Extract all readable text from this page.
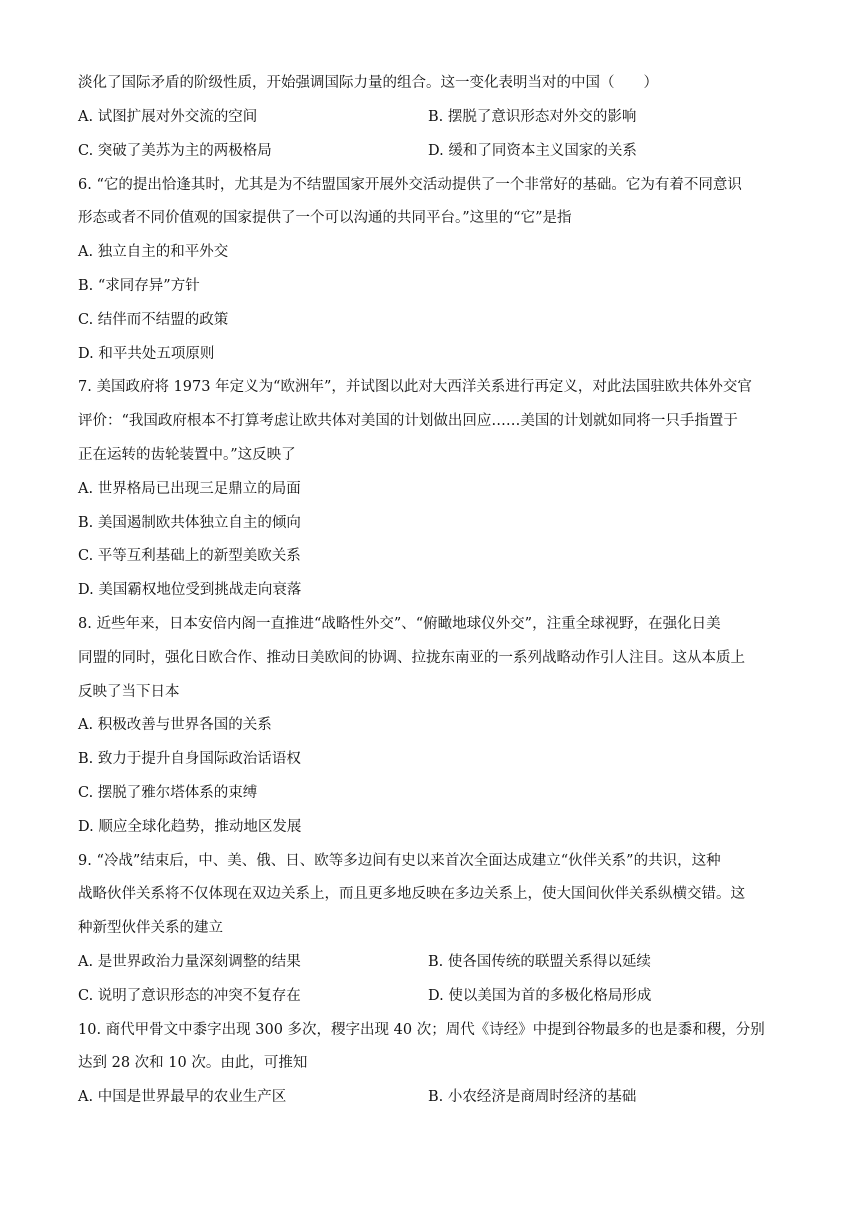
淡化了国际矛盾的阶级性质，开始强调国际力量的组合。这一变化表明当对的中国（　　）
A. 试图扩展对外交流的空间	B. 摆脱了意识形态对外交的影响
C. 突破了美苏为主的两极格局	D. 缓和了同资本主义国家的关系
6. “它的提出恰逢其时，尤其是为不结盟国家开展外交活动提供了一个非常好的基础。它为有着不同意识
形态或者不同价值观的国家提供了一个可以沟通的共同平台。”这里的“它”是指
A. 独立自主的和平外交
B. “求同存异”方针
C. 结伴而不结盟的政策
D. 和平共处五项原则
7. 美国政府将 1973 年定义为“欧洲年”，并试图以此对大西洋关系进行再定义，对此法国驻欧共体外交官
评价：“我国政府根本不打算考虑让欧共体对美国的计划做出回应……美国的计划就如同将一只手指置于
正在运转的齿轮装置中。”这反映了
A. 世界格局已出现三足鼎立的局面
B. 美国遏制欧共体独立自主的倾向
C. 平等互利基础上的新型美欧关系
D. 美国霸权地位受到挑战走向衰落
8. 近些年来，日本安倍内阁一直推进“战略性外交”、“俯瞰地球仪外交”，注重全球视野，在强化日美
同盟的同时，强化日欧合作、推动日美欧间的协调、拉拢东南亚的一系列战略动作引人注目。这从本质上
反映了当下日本
A. 积极改善与世界各国的关系
B. 致力于提升自身国际政治话语权
C. 摆脱了雅尔塔体系的束缚
D. 顺应全球化趋势，推动地区发展
9. “冷战”结束后，中、美、俄、日、欧等多边间有史以来首次全面达成建立“伙伴关系”的共识，这种
战略伙伴关系将不仅体现在双边关系上，而且更多地反映在多边关系上，使大国间伙伴关系纵横交错。这
种新型伙伴关系的建立
A. 是世界政治力量深刻调整的结果	B. 使各国传统的联盟关系得以延续
C. 说明了意识形态的冲突不复存在	D. 使以美国为首的多极化格局形成
10. 商代甲骨文中黍字出现 300 多次，稷字出现 40 次；周代《诗经》中提到谷物最多的也是黍和稷，分别
达到 28 次和 10 次。由此，可推知
A. 中国是世界最早的农业生产区	B. 小农经济是商周时经济的基础
